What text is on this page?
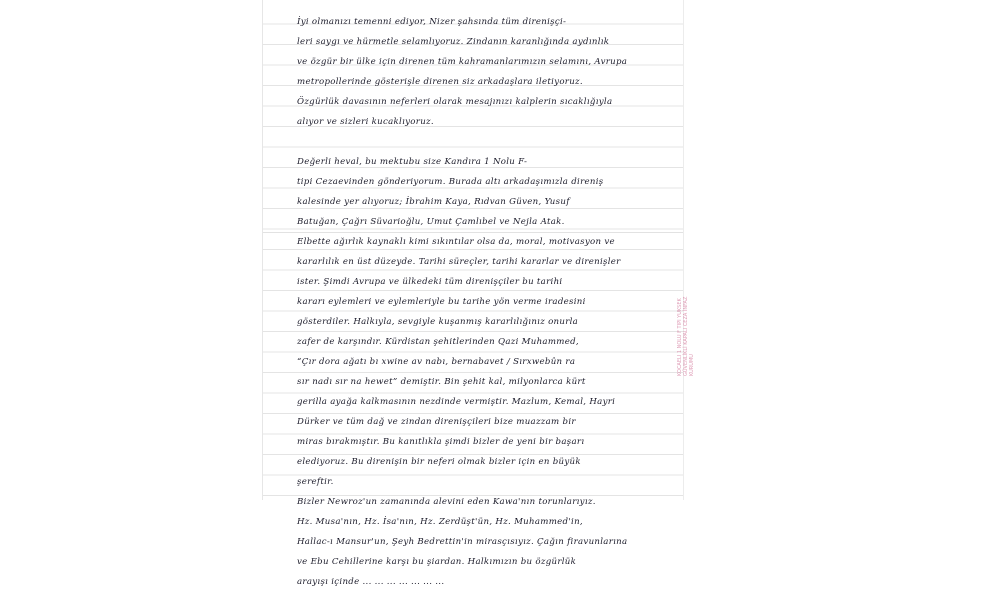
İyi olmanızı temenni ediyor, Nizer şahsında tüm direnişçi-
leri saygı ve hürmetle selamlıyoruz. Zindanın karanlığında aydınlık
ve özgür bir ülke için direnen tüm kahramanlarımızın selamını, Avrupa
metropollerinde gösterişle direnen siz arkadaşlara iletiyoruz.
Özgürlük davasının neferleri olarak mesajınızı kalplerin sıcaklığıyla
alıyor ve sizleri kucaklıyoruz.

Değerli heval, bu mektubu size Kandıra 1 Nolu F-
tipi Cezaevinden gönderiyorum. Burada altı arkadaşımızla direniş
kalesinde yer alıyoruz; İbrahim Kaya, Rıdvan Güven, Yusuf
Batuğan, Çağrı Süvarioğlu, Umut Çamlıbel ve Nejla Atak.
Elbette ağırlık kaynaklı kimi sıkıntılar olsa da, moral, motivasyon ve
kararlılık en üst düzeyde. Tarihi süreçler, tarihi kararlar ve direnişler
ister. Şimdi Avrupa ve ülkedeki tüm direnişçiler bu tarihi
kararı eylemleri ve eylemleriyle bu tarihe yön verme iradesini
gösterdiler. Halkıyla, sevgiyle kuşanmış kararlılığınız onurla
zafer de karşındır. Kürdistan şehitlerinden Qazi Muhammed,
“Çır dora ağatı bı xwine av nabı, bernabavet / Sırxwebûn ra
sır nadı sır na hewet” demiştir. Bin şehit kal, milyonlarca kürt
gerilla ayağa kalkmasının nezdinde vermiştir. Mazlum, Kemal, Hayri
Dürker ve tüm dağ ve zindan direnişçileri bize muazzam bir
miras bırakmıştır. Bu kanıtlıkla şimdi bizler de yeni bir başarı
elediyoruz. Bu direnişin bir neferi olmak bizler için en büyük
şereftir.

Bizler Newroz'un zamanında alevini eden Kawa'nın torunlarıyız.
Hz. Musa'nın, Hz. İsa'nın, Hz. Zerdüşt'ün, Hz. Muhammed'in,
Hallac-ı Mansur'un, Şeyh Bedrettin'in mirasçısıyız. Çağın firavunlarına
ve Ebu Cehillerine karşı bu şiardan. Halkımızın bu özgürlük
arayışı içinde ... ... ... ... ... ... ...

KOCAELİ 1 NOLU F TİPİ YÜKSEK GÜVENLİKLİ KAPALI CEZA İNFAZ KURUMU
